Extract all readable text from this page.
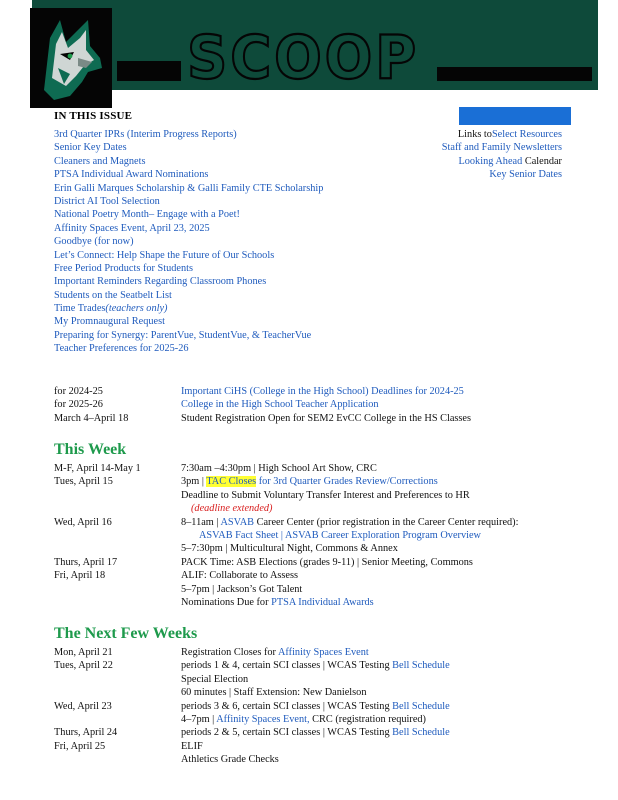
SCOOP
IN THIS ISSUE
3rd Quarter IPRs (Interim Progress Reports)
Senior Key Dates
Cleaners and Magnets
PTSA Individual Award Nominations
Erin Galli Marques Scholarship & Galli Family CTE Scholarship
District AI Tool Selection
National Poetry Month– Engage with a Poet!
Affinity Spaces Event, April 23, 2025
Goodbye (for now)
Let’s Connect: Help Shape the Future of Our Schools
Free Period Products for Students
Important Reminders Regarding Classroom Phones
Students on the Seatbelt List
Time Trades(teachers only)
My Promnaugural Request
Preparing for Synergy: ParentVue, StudentVue, & TeacherVue
Teacher Preferences for 2025-26
Links toSelect Resources
Staff and Family Newsletters
Looking Ahead Calendar
Key Senior Dates
for 2024-25	Important CiHS (College in the High School) Deadlines for 2024-25
for 2025-26	College in the High School Teacher Application
March 4–April 18	Student Registration Open for SEM2 EvCC College in the HS Classes
This Week
M-F, April 14-May 1	7:30am –4:30pm | High School Art Show, CRC
Tues, April 15	3pm | TAC Closes for 3rd Quarter Grades Review/Corrections
Deadline to Submit Voluntary Transfer Interest and Preferences to HR
(deadline extended)
Wed, April 16	8–11am | ASVAB Career Center (prior registration in the Career Center required):
ASVAB Fact Sheet | ASVAB Career Exploration Program Overview
5–7:30pm | Multicultural Night, Commons & Annex
Thurs, April 17	PACK Time: ASB Elections (grades 9-11) | Senior Meeting, Commons
Fri, April 18	ALIF: Collaborate to Assess
5–7pm | Jackson’s Got Talent
Nominations Due for PTSA Individual Awards
The Next Few Weeks
Mon, April 21	Registration Closes for Affinity Spaces Event
Tues, April 22	periods 1 & 4, certain SCI classes | WCAS Testing Bell Schedule
Special Election
60 minutes | Staff Extension: New Danielson
Wed, April 23	periods 3 & 6, certain SCI classes | WCAS Testing Bell Schedule
4–7pm | Affinity Spaces Event, CRC (registration required)
Thurs, April 24	periods 2 & 5, certain SCI classes | WCAS Testing Bell Schedule
Fri, April 25	ELIF
Athletics Grade Checks
